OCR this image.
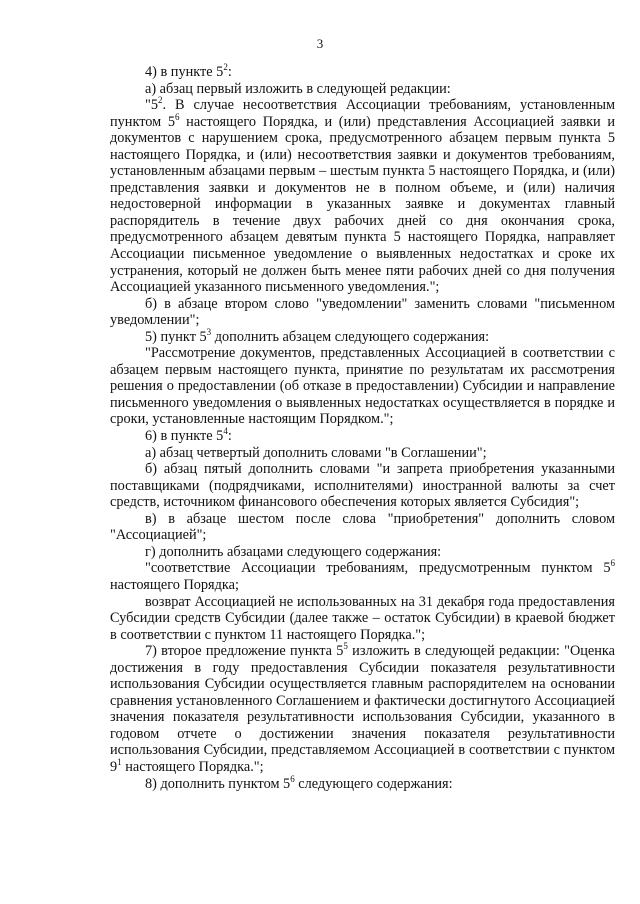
3

4) в пункте $5^2$:

а) абзац первый изложить в следующей редакции:

"$5^2$. В случае несоответствия Ассоциации требованиям, установленным пунктом $5^6$ настоящего Порядка, и (или) представления Ассоциацией заявки и документов с нарушением срока, предусмотренного абзацем первым пункта 5 настоящего Порядка, и (или) несоответствия заявки и документов требованиям, установленным абзацами первым – шестым пункта 5 настоящего Порядка, и (или) представления заявки и документов не в полном объеме, и (или) наличия недостоверной информации в указанных заявке и документах главный распорядитель в течение двух рабочих дней со дня окончания срока, предусмотренного абзацем девятым пункта 5 настоящего Порядка, направляет Ассоциации письменное уведомление о выявленных недостатках и сроке их устранения, который не должен быть менее пяти рабочих дней со дня получения Ассоциацией указанного письменного уведомления.";

б) в абзаце втором слово "уведомлении" заменить словами "письменном уведомлении";

5) пункт $5^3$ дополнить абзацем следующего содержания:

"Рассмотрение документов, представленных Ассоциацией в соответствии с абзацем первым настоящего пункта, принятие по результатам их рассмотрения решения о предоставлении (об отказе в предоставлении) Субсидии и направление письменного уведомления о выявленных недостатках осуществляется в порядке и сроки, установленные настоящим Порядком.";

6) в пункте $5^4$:

а) абзац четвертый дополнить словами "в Соглашении";

б) абзац пятый дополнить словами "и запрета приобретения указанными поставщиками (подрядчиками, исполнителями) иностранной валюты за счет средств, источником финансового обеспечения которых является Субсидия";

в) в абзаце шестом после слова "приобретения" дополнить словом "Ассоциацией";

г) дополнить абзацами следующего содержания:

"соответствие Ассоциации требованиям, предусмотренным пунктом $5^6$ настоящего Порядка;

возврат Ассоциацией не использованных на 31 декабря года предоставления Субсидии средств Субсидии (далее также – остаток Субсидии) в краевой бюджет в соответствии с пунктом 11 настоящего Порядка.";

7) второе предложение пункта $5^5$ изложить в следующей редакции: "Оценка достижения в году предоставления Субсидии показателя результативности использования Субсидии осуществляется главным распорядителем на основании сравнения установленного Соглашением и фактически достигнутого Ассоциацией значения показателя результативности использования Субсидии, указанного в годовом отчете о достижении значения показателя результативности использования Субсидии, представляемом Ассоциацией в соответствии с пунктом $9^1$ настоящего Порядка.";

8) дополнить пунктом $5^6$ следующего содержания:
